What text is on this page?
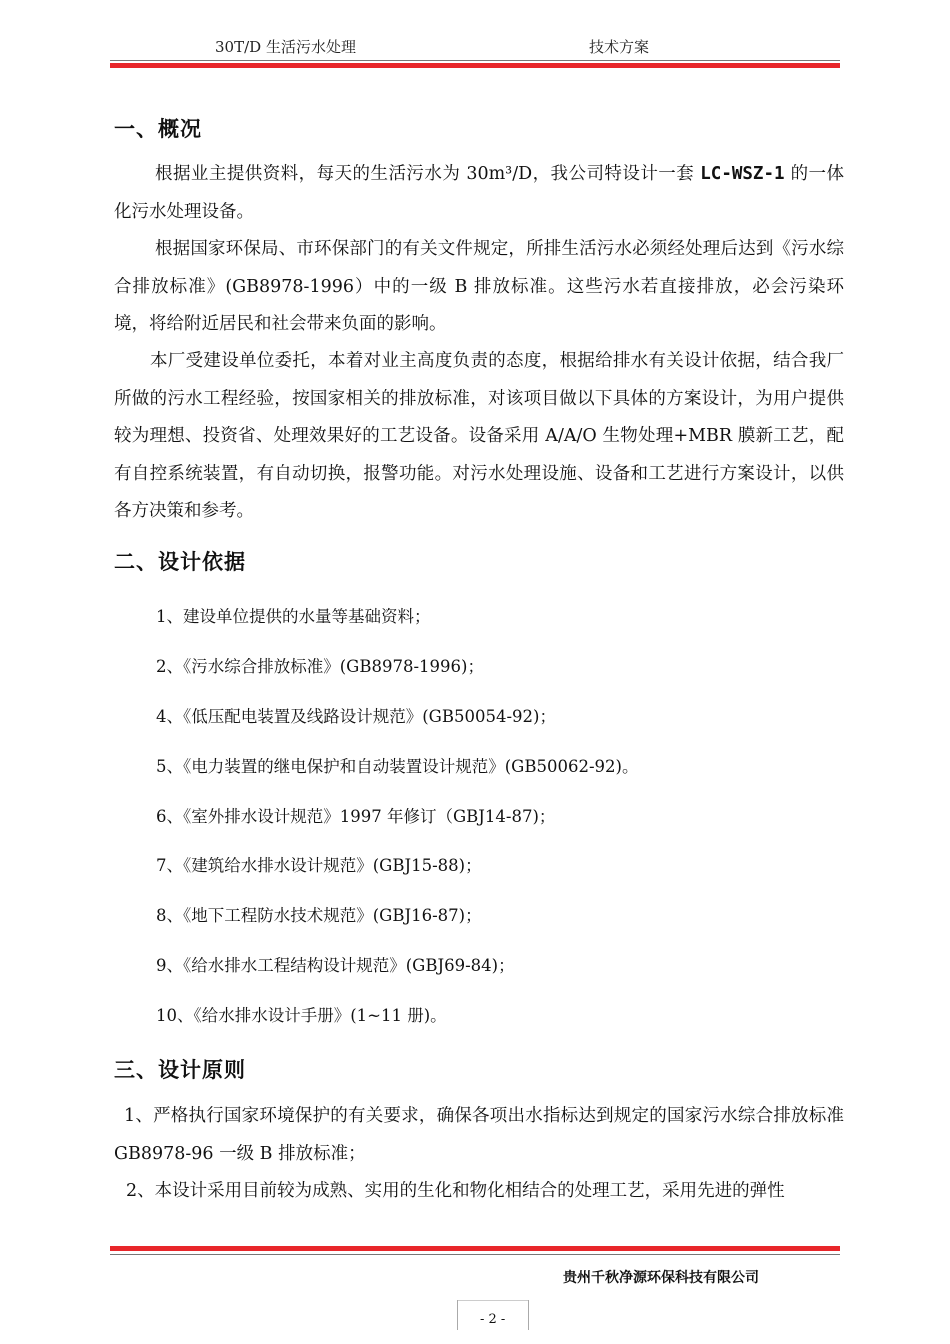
30T/D 生活污水处理	技术方案
一、概况

根据业主提供资料，每天的生活污水为 30m³/D，我公司特设计一套 LC-WSZ-1 的一体化污水处理设备。

根据国家环保局、市环保部门的有关文件规定，所排生活污水必须经处理后达到《污水综合排放标准》(GB8978-1996）中的一级 B 排放标准。这些污水若直接排放，必会污染环境，将给附近居民和社会带来负面的影响。

本厂受建设单位委托，本着对业主高度负责的态度，根据给排水有关设计依据，结合我厂所做的污水工程经验，按国家相关的排放标准，对该项目做以下具体的方案设计，为用户提供较为理想、投资省、处理效果好的工艺设备。设备采用 A/A/O 生物处理+MBR 膜新工艺，配有自控系统装置，有自动切换，报警功能。对污水处理设施、设备和工艺进行方案设计，以供各方决策和参考。

二、设计依据
1、建设单位提供的水量等基础资料；
2、《污水综合排放标准》(GB8978-1996)；
4、《低压配电装置及线路设计规范》(GB50054-92)；
5、《电力装置的继电保护和自动装置设计规范》(GB50062-92)。
6、《室外排水设计规范》1997 年修订（GBJ14-87)；
7、《建筑给水排水设计规范》(GBJ15-88)；
8、《地下工程防水技术规范》(GBJ16-87)；
9、《给水排水工程结构设计规范》(GBJ69-84)；
10、《给水排水设计手册》(1~11 册)。
三、设计原则

1、严格执行国家环境保护的有关要求，确保各项出水指标达到规定的国家污水综合排放标准 GB8978-96 一级 B 排放标准；

2、本设计采用目前较为成熟、实用的生化和物化相结合的处理工艺，采用先进的弹性

贵州千秋净源环保科技有限公司
- 2 -
